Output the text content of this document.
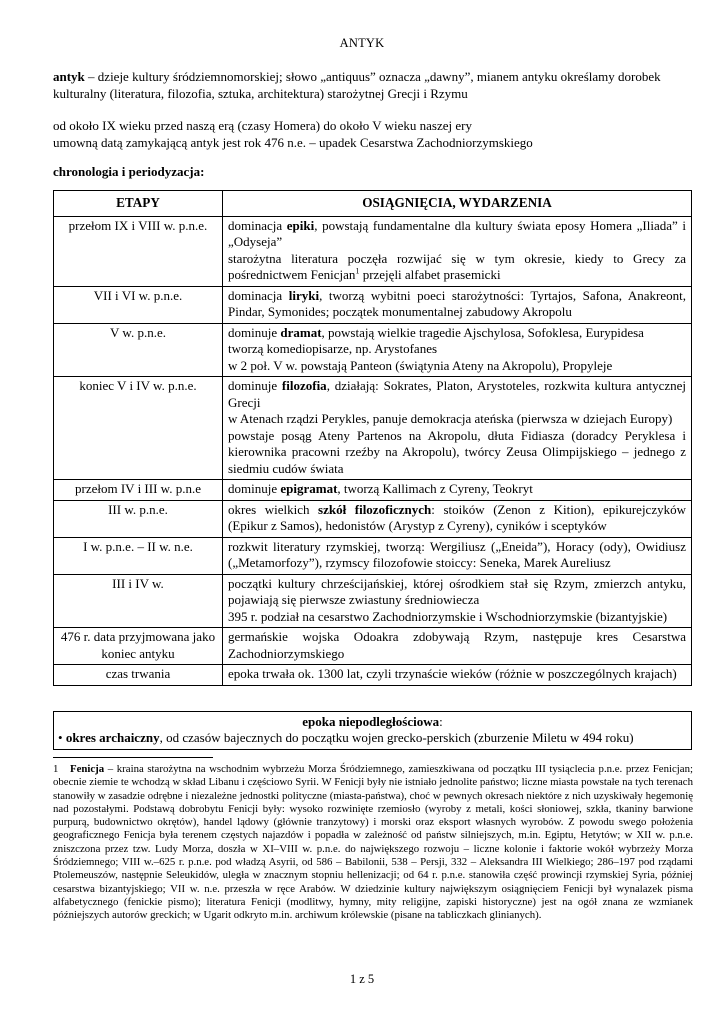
ANTYK
antyk – dzieje kultury śródziemnomorskiej; słowo „antiquus” oznacza „dawny”, mianem antyku określamy dorobek kulturalny (literatura, filozofia, sztuka, architektura) starożytnej Grecji i Rzymu
od około IX wieku przed naszą erą (czasy Homera) do około V wieku naszej ery
umowną datą zamykającą antyk jest rok 476 n.e. – upadek Cesarstwa Zachodniorzymskiego
chronologia i periodyzacja:
ETAPY	OSIĄGNIĘCIA, WYDARZENIA
przełom IX i VIII w. p.n.e.	dominacja epiki, powstają fundamentalne dla kultury świata eposy Homera „Iliada” i „Odyseja”
starożytna literatura poczęła rozwijać się w tym okresie, kiedy to Grecy za pośrednictwem Fenicjan$^1$ przejęli alfabet prasemicki

VII i VI w. p.n.e.	dominacja liryki, tworzą wybitni poeci starożytności: Tyrtajos, Safona, Anakreont, Pindar, Symonides; początek monumentalnej zabudowy Akropolu

V w. p.n.e.	dominuje dramat, powstają wielkie tragedie Ajschylosa, Sofoklesa, Eurypidesa
tworzą komediopisarze, np. Arystofanes
w 2 poł. V w. powstają Panteon (świątynia Ateny na Akropolu), Propyleje

koniec V i IV w. p.n.e.	dominuje filozofia, działają: Sokrates, Platon, Arystoteles, rozkwita kultura antycznej Grecji
w Atenach rządzi Perykles, panuje demokracja ateńska (pierwsza w dziejach Europy)
powstaje posąg Ateny Partenos na Akropolu, dłuta Fidiasza (doradcy Peryklesa i kierownika pracowni rzeźby na Akropolu), twórcy Zeusa Olimpijskiego – jednego z siedmiu cudów świata

przełom IV i III w. p.n.e	dominuje epigramat, tworzą Kallimach z Cyreny, Teokryt

III w. p.n.e.	okres wielkich szkół filozoficznych: stoików (Zenon z Kition), epikurejczyków (Epikur z Samos), hedonistów (Arystyp z Cyreny), cyników i sceptyków

I w. p.n.e. – II w. n.e.	rozkwit literatury rzymskiej, tworzą: Wergiliusz („Eneida”), Horacy (ody), Owidiusz („Metamorfozy”), rzymscy filozofowie stoiccy: Seneka, Marek Aureliusz

III i IV w.	początki kultury chrześcijańskiej, której ośrodkiem stał się Rzym, zmierzch antyku, pojawiają się pierwsze zwiastuny średniowiecza
395 r. podział na cesarstwo Zachodniorzymskie i Wschodniorzymskie (bizantyjskie)

476 r. data przyjmowana jako koniec antyku	germańskie wojska Odoakra zdobywają Rzym, następuje kres Cesarstwa Zachodniorzymskiego

czas trwania	epoka trwała ok. 1300 lat, czyli trzynaście wieków (różnie w poszczególnych krajach)
epoka niepodległościowa:
• okres archaiczny, od czasów bajecznych do początku wojen grecko-perskich (zburzenie Miletu w 494 roku)

1 Fenicja – kraina starożytna na wschodnim wybrzeżu Morza Śródziemnego, zamieszkiwana od początku III tysiąclecia p.n.e. przez Fenicjan; obecnie ziemie te wchodzą w skład Libanu i częściowo Syrii. W Fenicji były nie istniało jednolite państwo; liczne miasta powstałe na tych terenach stanowiły w zasadzie odrębne i niezależne jednostki polityczne (miasta-państwa), choć w pewnych okresach niektóre z nich uzyskiwały hegemonię nad pozostałymi. Podstawą dobrobytu Fenicji były: wysoko rozwinięte rzemiosło (wyroby z metali, kości słoniowej, szkła, tkaniny barwione purpurą, budownictwo okrętów), handel lądowy (głównie tranzytowy) i morski oraz eksport własnych wyrobów. Z powodu swego położenia geograficznego Fenicja była terenem częstych najazdów i popadła w zależność od państw silniejszych, m.in. Egiptu, Hetytów; w XII w. p.n.e. zniszczona przez tzw. Ludy Morza, doszła w XI–VIII w. p.n.e. do największego rozwoju – liczne kolonie i faktorie wokół wybrzeży Morza Śródziemnego; VIII w.–625 r. p.n.e. pod władzą Asyrii, od 586 – Babilonii, 538 – Persji, 332 – Aleksandra III Wielkiego; 286–197 pod rządami Ptolemeuszów, następnie Seleukidów, uległa w znacznym stopniu hellenizacji; od 64 r. p.n.e. stanowiła część prowincji rzymskiej Syria, później cesarstwa bizantyjskiego; VII w. n.e. przeszła w ręce Arabów. W dziedzinie kultury największym osiągnięciem Fenicji był wynalazek pisma alfabetycznego (fenickie pismo); literatura Fenicji (modlitwy, hymny, mity religijne, zapiski historyczne) jest na ogół znana ze wzmianek późniejszych autorów greckich; w Ugarit odkryto m.in. archiwum królewskie (pisane na tabliczkach glinianych).

1 z 5
